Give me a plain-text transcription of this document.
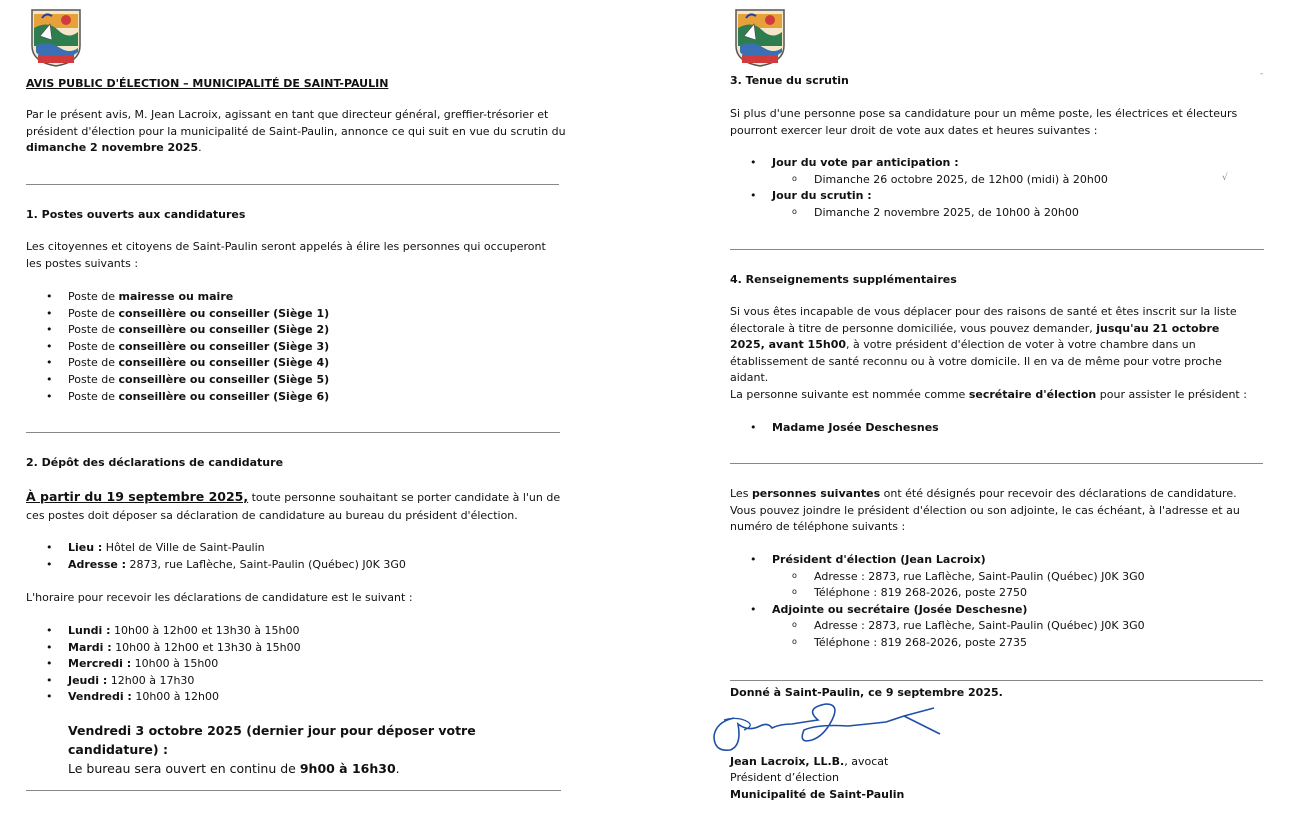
AVIS PUBLIC D'ÉLECTION – MUNICIPALITÉ DE SAINT-PAULIN

Par le présent avis, M. Jean Lacroix, agissant en tant que directeur général, greffier-trésorier et président d'élection pour la municipalité de Saint-Paulin, annonce ce qui suit en vue du scrutin du dimanche 2 novembre 2025.

1. Postes ouverts aux candidatures

Les citoyennes et citoyens de Saint-Paulin seront appelés à élire les personnes qui occuperont les postes suivants :

• Poste de mairesse ou maire
• Poste de conseillère ou conseiller (Siège 1)
• Poste de conseillère ou conseiller (Siège 2)
• Poste de conseillère ou conseiller (Siège 3)
• Poste de conseillère ou conseiller (Siège 4)
• Poste de conseillère ou conseiller (Siège 5)
• Poste de conseillère ou conseiller (Siège 6)
2. Dépôt des déclarations de candidature

À partir du 19 septembre 2025, toute personne souhaitant se porter candidate à l'un de ces postes doit déposer sa déclaration de candidature au bureau du président d'élection.

• Lieu : Hôtel de Ville de Saint-Paulin
• Adresse : 2873, rue Laflèche, Saint-Paulin (Québec) J0K 3G0

L'horaire pour recevoir les déclarations de candidature est le suivant :

• Lundi : 10h00 à 12h00 et 13h30 à 15h00
• Mardi : 10h00 à 12h00 et 13h30 à 15h00
• Mercredi : 10h00 à 15h00
• Jeudi : 12h00 à 17h30
• Vendredi : 10h00 à 12h00
Vendredi 3 octobre 2025 (dernier jour pour déposer votre candidature) :
Le bureau sera ouvert en continu de 9h00 à 16h30.
-
3. Tenue du scrutin

Si plus d'une personne pose sa candidature pour un même poste, les électrices et électeurs pourront exercer leur droit de vote aux dates et heures suivantes :

• Jour du vote par anticipation :
o Dimanche 26 octobre 2025, de 12h00 (midi) à 20h00
• Jour du scrutin :
o Dimanche 2 novembre 2025, de 10h00 à 20h00
√
4. Renseignements supplémentaires

Si vous êtes incapable de vous déplacer pour des raisons de santé et êtes inscrit sur la liste électorale à titre de personne domiciliée, vous pouvez demander, jusqu'au 21 octobre 2025, avant 15h00, à votre président d'élection de voter à votre chambre dans un établissement de santé reconnu ou à votre domicile. Il en va de même pour votre proche aidant.

La personne suivante est nommée comme secrétaire d'élection pour assister le président :

• Madame Josée Deschesnes

Les personnes suivantes ont été désignés pour recevoir des déclarations de candidature. Vous pouvez joindre le président d'élection ou son adjointe, le cas échéant, à l'adresse et au numéro de téléphone suivants :

• Président d'élection (Jean Lacroix)
o Adresse : 2873, rue Laflèche, Saint-Paulin (Québec) J0K 3G0
o Téléphone : 819 268-2026, poste 2750
• Adjointe ou secrétaire (Josée Deschesne)
o Adresse : 2873, rue Laflèche, Saint-Paulin (Québec) J0K 3G0
o Téléphone : 819 268-2026, poste 2735
Donné à Saint-Paulin, ce 9 septembre 2025.
Jean Lacroix, LL.B., avocat
Président d’élection
Municipalité de Saint-Paulin
